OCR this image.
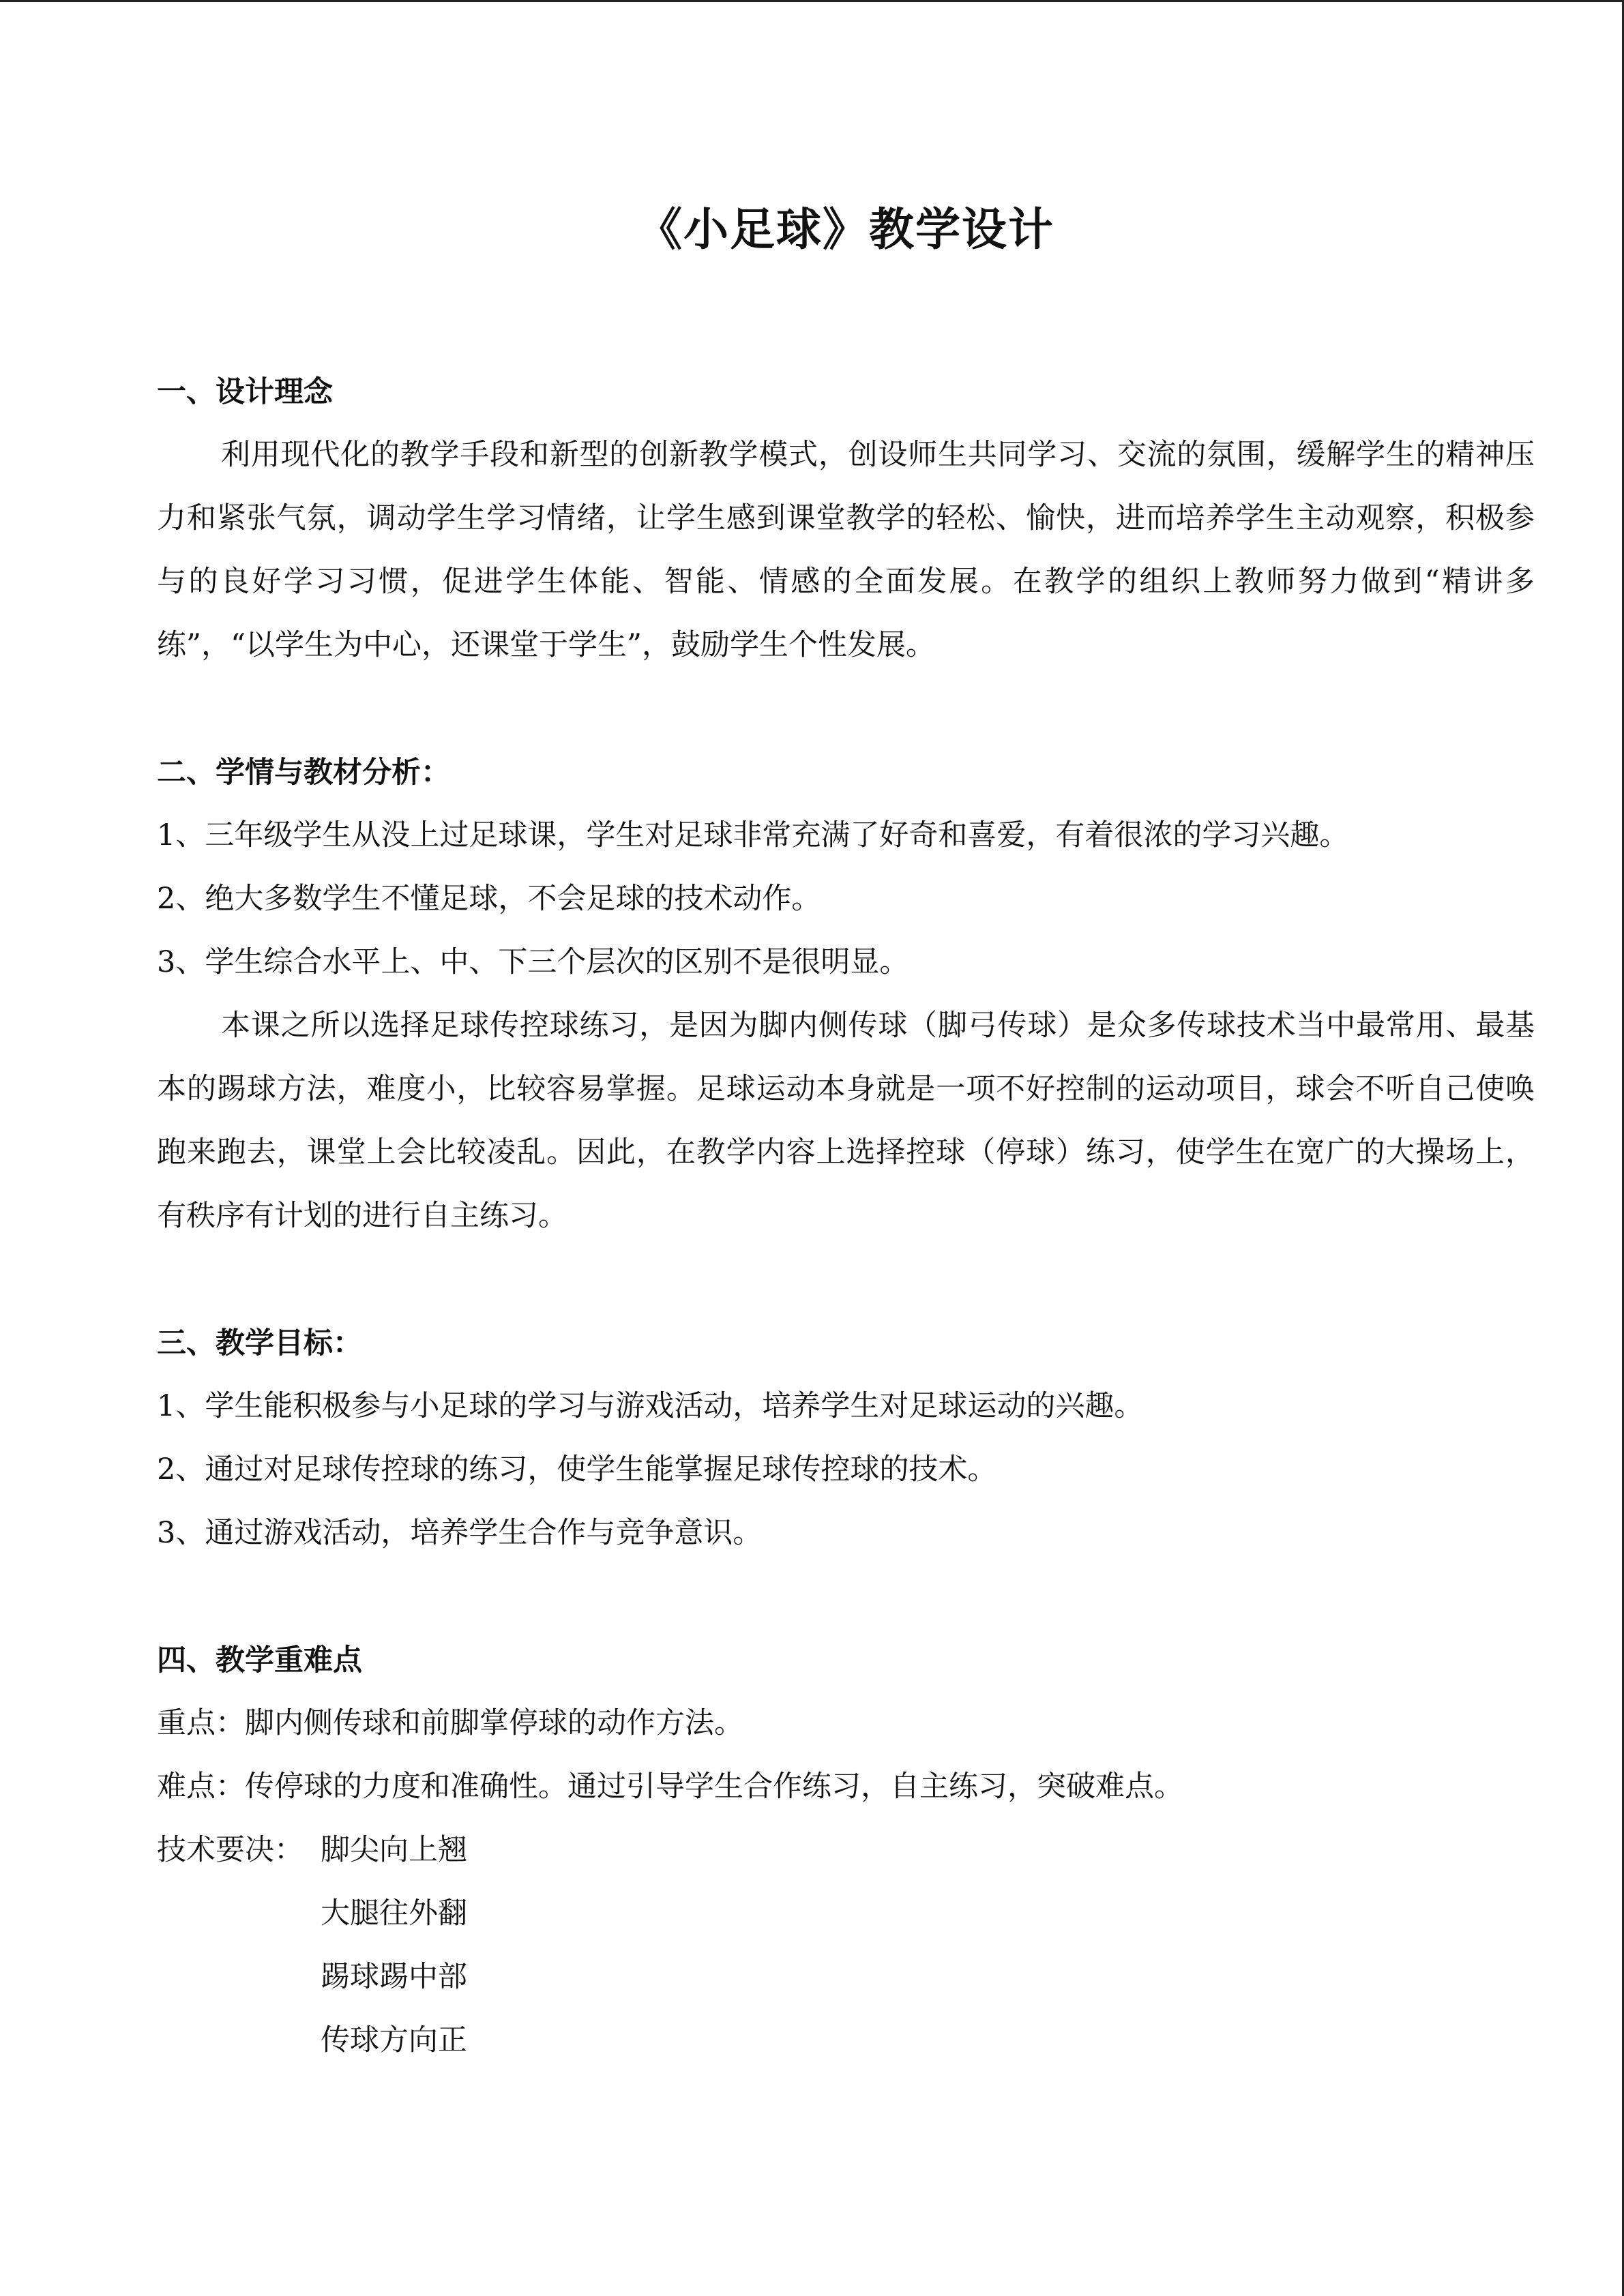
《小足球》教学设计
一、设计理念

利用现代化的教学手段和新型的创新教学模式，创设师生共同学习、交流的氛围，缓解学生的精神压力和紧张气氛，调动学生学习情绪，让学生感到课堂教学的轻松、愉快，进而培养学生主动观察，积极参与的良好学习习惯，促进学生体能、智能、情感的全面发展。在教学的组织上教师努力做到“精讲多练”，“以学生为中心，还课堂于学生”，鼓励学生个性发展。

二、学情与教材分析：

1、三年级学生从没上过足球课，学生对足球非常充满了好奇和喜爱，有着很浓的学习兴趣。

2、绝大多数学生不懂足球，不会足球的技术动作。

3、学生综合水平上、中、下三个层次的区别不是很明显。

本课之所以选择足球传控球练习，是因为脚内侧传球（脚弓传球）是众多传球技术当中最常用、最基本的踢球方法，难度小，比较容易掌握。足球运动本身就是一项不好控制的运动项目，球会不听自己使唤跑来跑去，课堂上会比较凌乱。因此，在教学内容上选择控球（停球）练习，使学生在宽广的大操场上，有秩序有计划的进行自主练习。

三、教学目标：

1、学生能积极参与小足球的学习与游戏活动，培养学生对足球运动的兴趣。

2、通过对足球传控球的练习，使学生能掌握足球传控球的技术。

3、通过游戏活动，培养学生合作与竞争意识。

四、教学重难点

重点：脚内侧传球和前脚掌停球的动作方法。

难点：传停球的力度和准确性。通过引导学生合作练习，自主练习，突破难点。

技术要决： 脚尖向上翘
大腿往外翻
踢球踢中部
传球方向正
